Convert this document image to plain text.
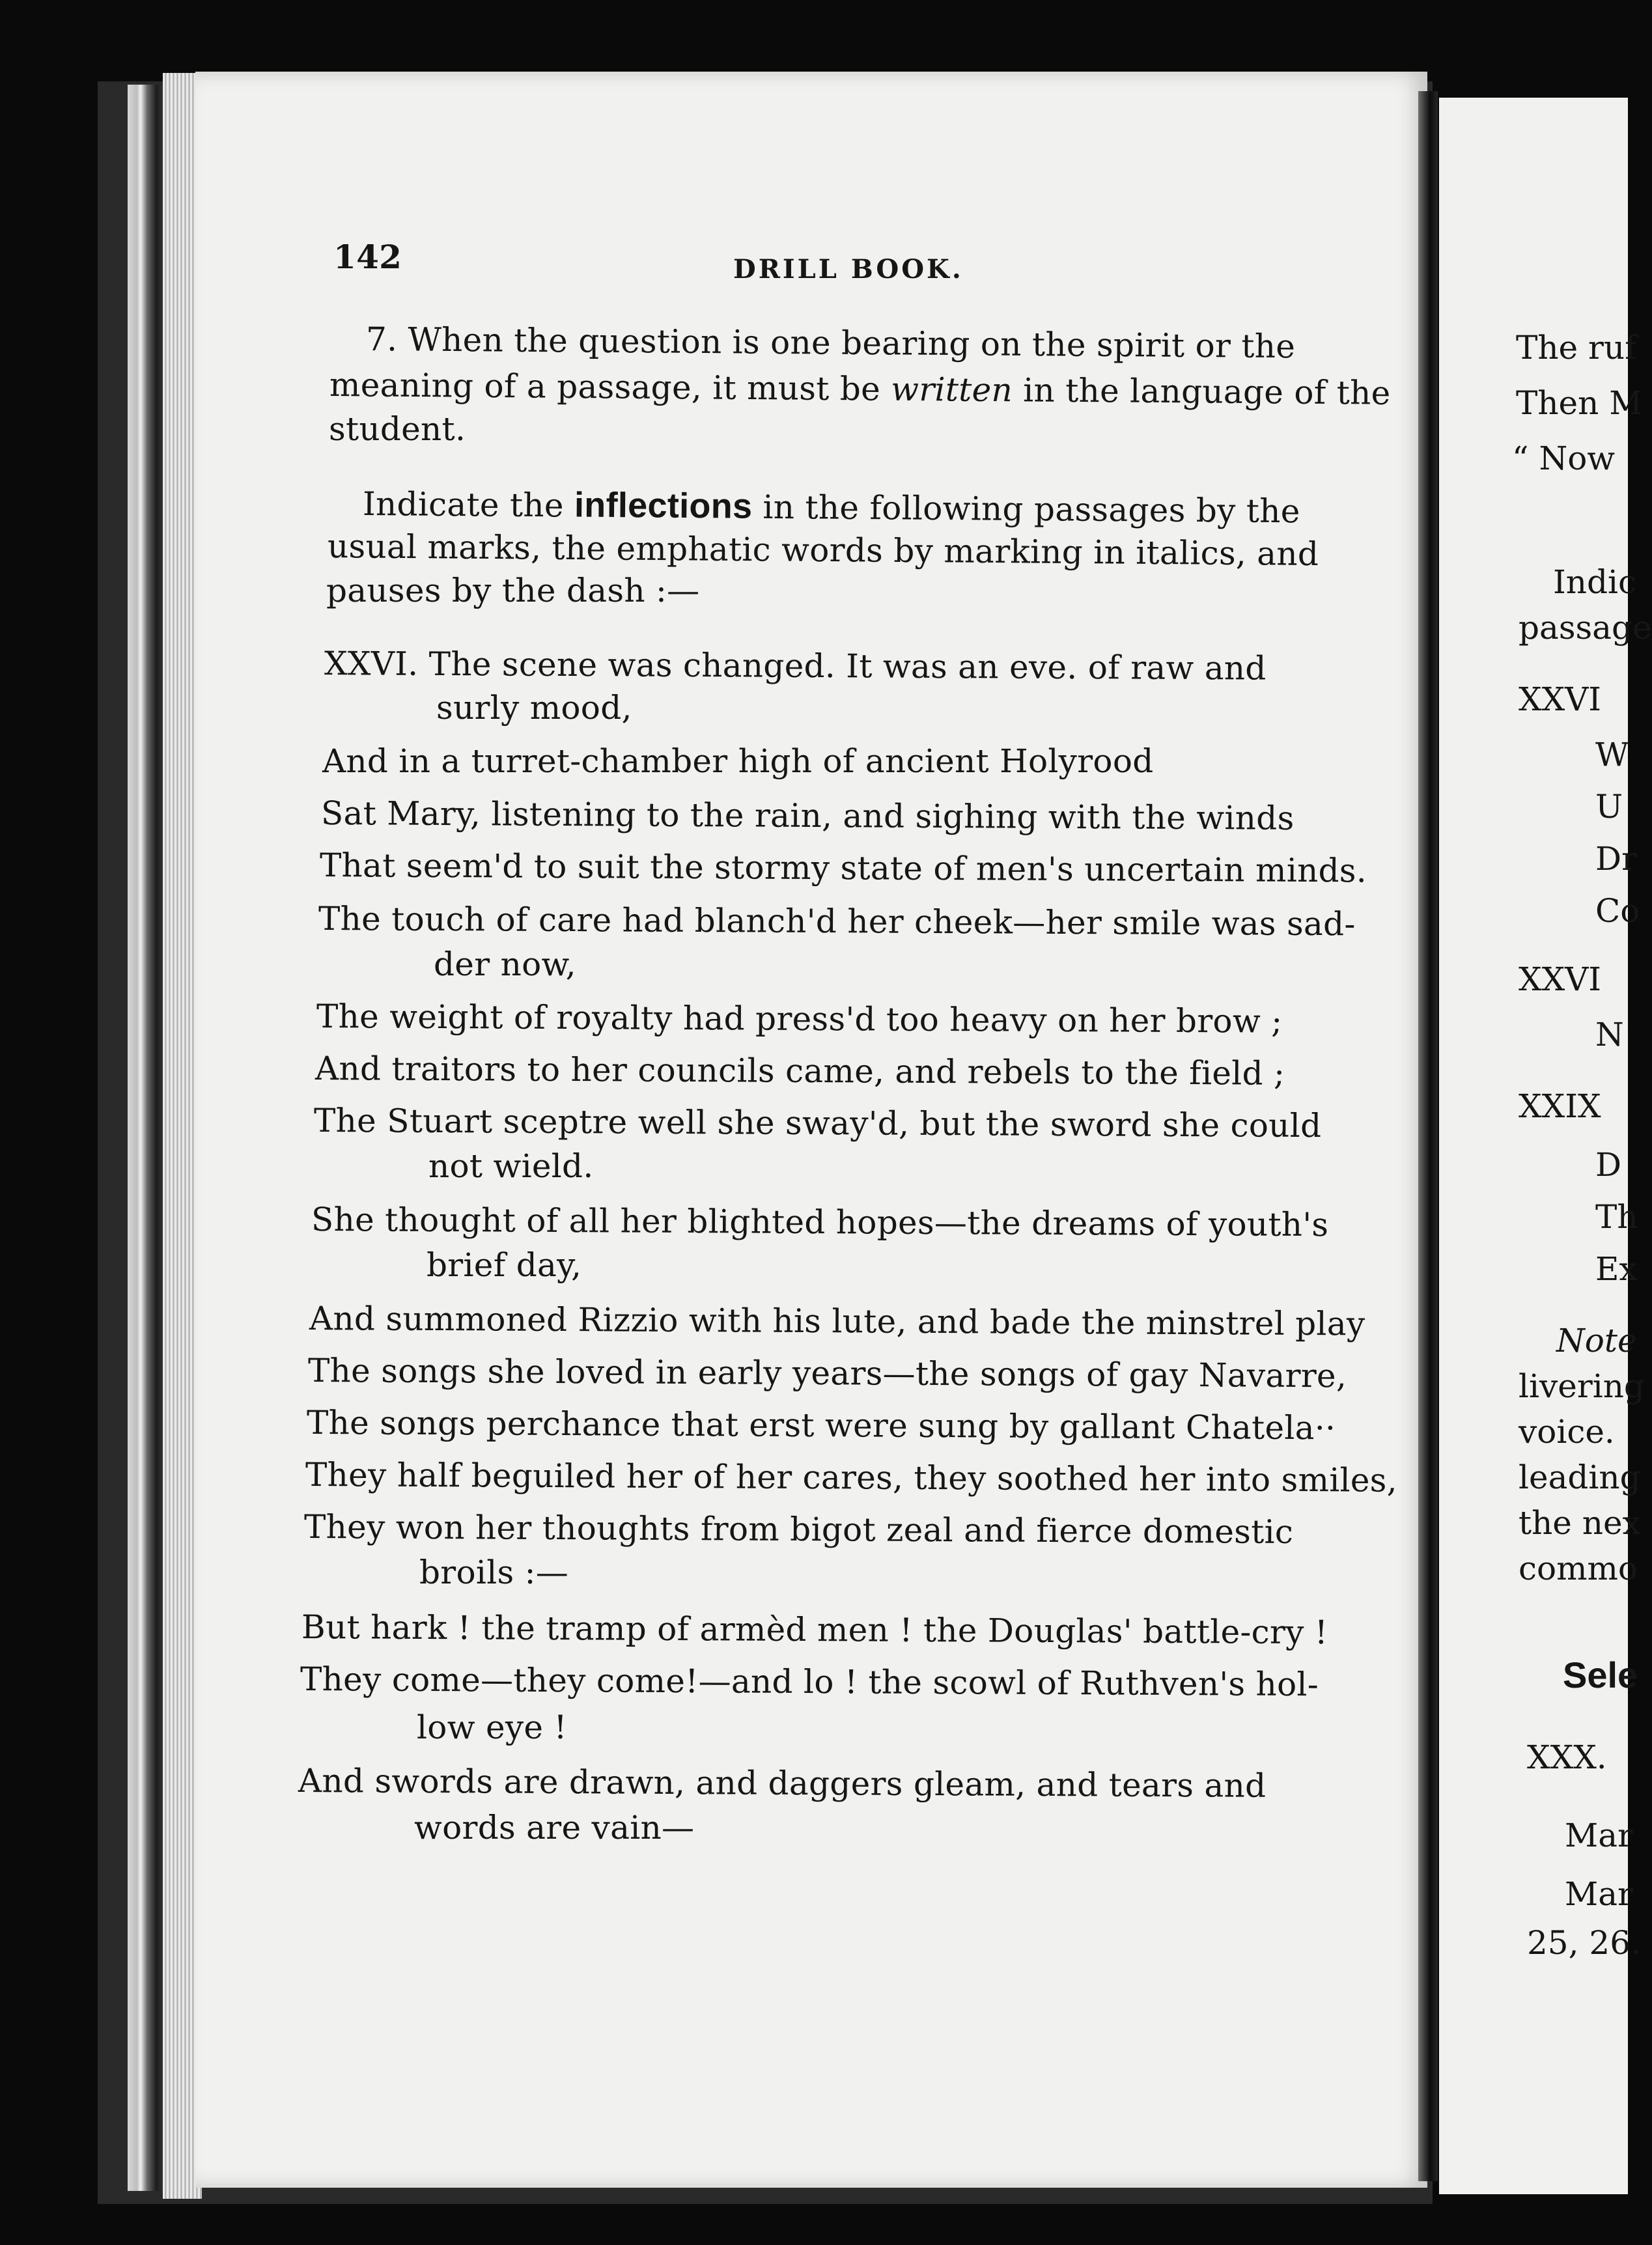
142	DRILL BOOK.
7. When the question is one bearing on the spirit or the
meaning of a passage, it must be written in the language of the
student.
Indicate the inflections in the following passages by the
usual marks, the emphatic words by marking in italics, and
pauses by the dash :—
XXVI. The scene was changed. It was an eve. of raw and
surly mood,
And in a turret-chamber high of ancient Holyrood
Sat Mary, listening to the rain, and sighing with the winds
That seem'd to suit the stormy state of men's uncertain minds.
The touch of care had blanch'd her cheek—her smile was sad-
der now,
The weight of royalty had press'd too heavy on her brow ;
And traitors to her councils came, and rebels to the field ;
The Stuart sceptre well she sway'd, but the sword she could
not wield.
She thought of all her blighted hopes—the dreams of youth's
brief day,
And summoned Rizzio with his lute, and bade the minstrel play
The songs she loved in early years—the songs of gay Navarre,
The songs perchance that erst were sung by gallant Chatela··
They half beguiled her of her cares, they soothed her into smiles,
They won her thoughts from bigot zeal and fierce domestic
broils :—
But hark ! the tramp of armèd men ! the Douglas' battle-cry !
They come—they come!—and lo ! the scowl of Ruthven's hol-
low eye !
And swords are drawn, and daggers gleam, and tears and
words are vain—
The ruf
Then M
“ Now
Indic
passage
XXVI
W
U
Dr
Co
XXVI
N
XXIX
D
Th
Ex
Note
livering
voice.
leading
the nex
commo
Sele
XXX.
Mar
Mar
25, 26.
